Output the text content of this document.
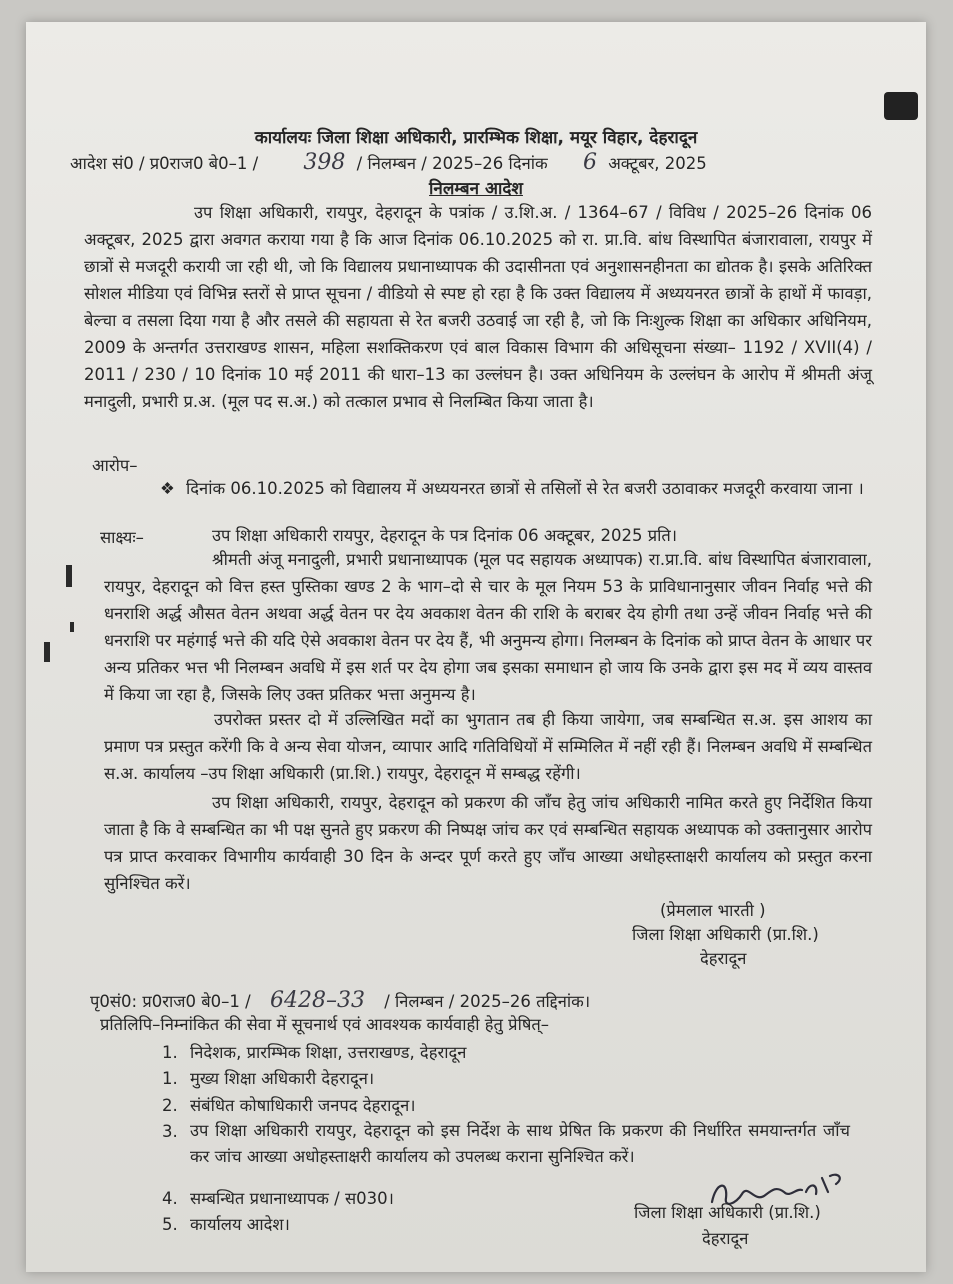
कार्यालयः जिला शिक्षा अधिकारी, प्रारम्भिक शिक्षा, मयूर विहार, देहरादून
आदेश सं0 / प्र0राज0 बे0–1 / 398 / निलम्बन / 2025–26 दिनांक 6 अक्टूबर, 2025
निलम्बन आदेश
उप शिक्षा अधिकारी, रायपुर, देहरादून के पत्रांक / उ.शि.अ. / 1364–67 / विविध / 2025–26 दिनांक 06 अक्टूबर, 2025 द्वारा अवगत कराया गया है कि आज दिनांक 06.10.2025 को रा. प्रा.वि. बांध विस्थापित बंजारावाला, रायपुर में छात्रों से मजदूरी करायी जा रही थी, जो कि विद्यालय प्रधानाध्यापक की उदासीनता एवं अनुशासनहीनता का द्योतक है। इसके अतिरिक्त सोशल मीडिया एवं विभिन्न स्तरों से प्राप्त सूचना / वीडियो से स्पष्ट हो रहा है कि उक्त विद्यालय में अध्ययनरत छात्रों के हाथों में फावड़ा, बेल्चा व तसला दिया गया है और तसले की सहायता से रेत बजरी उठवाई जा रही है, जो कि निःशुल्क शिक्षा का अधिकार अधिनियम, 2009 के अन्तर्गत उत्तराखण्ड शासन, महिला सशक्तिकरण एवं बाल विकास विभाग की अधिसूचना संख्या– 1192 / XVII(4) / 2011 / 230 / 10 दिनांक 10 मई 2011 की धारा–13 का उल्लंघन है। उक्त अधिनियम के उल्लंघन के आरोप में श्रीमती अंजू मनादुली, प्रभारी प्र.अ. (मूल पद स.अ.) को तत्काल प्रभाव से निलम्बित किया जाता है।
आरोप–
❖ दिनांक 06.10.2025 को विद्यालय में अध्ययनरत छात्रों से तसिलों से रेत बजरी उठावाकर मजदूरी करवाया जाना ।
साक्ष्यः–	उप शिक्षा अधिकारी रायपुर, देहरादून के पत्र दिनांक 06 अक्टूबर, 2025 प्रति।
श्रीमती अंजू मनादुली, प्रभारी प्रधानाध्यापक (मूल पद सहायक अध्यापक) रा.प्रा.वि. बांध विस्थापित बंजारावाला, रायपुर, देहरादून को वित्त हस्त पुस्तिका खण्ड 2 के भाग–दो से चार के मूल नियम 53 के प्राविधानानुसार जीवन निर्वाह भत्ते की धनराशि अर्द्ध औसत वेतन अथवा अर्द्ध वेतन पर देय अवकाश वेतन की राशि के बराबर देय होगी तथा उन्हें जीवन निर्वाह भत्ते की धनराशि पर महंगाई भत्ते की यदि ऐसे अवकाश वेतन पर देय हैं, भी अनुमन्य होगा। निलम्बन के दिनांक को प्राप्त वेतन के आधार पर अन्य प्रतिकर भत्त भी निलम्बन अवधि में इस शर्त पर देय होगा जब इसका समाधान हो जाय कि उनके द्वारा इस मद में व्यय वास्तव में किया जा रहा है, जिसके लिए उक्त प्रतिकर भत्ता अनुमन्य है।
उपरोक्त प्रस्तर दो में उल्लिखित मदों का भुगतान तब ही किया जायेगा, जब सम्बन्धित स.अ. इस आशय का प्रमाण पत्र प्रस्तुत करेंगी कि वे अन्य सेवा योजन, व्यापार आदि गतिविधियों में सम्मिलित में नहीं रही हैं। निलम्बन अवधि में सम्बन्धित स.अ. कार्यालय –उप शिक्षा अधिकारी (प्रा.शि.) रायपुर, देहरादून में सम्बद्ध रहेंगी।
उप शिक्षा अधिकारी, रायपुर, देहरादून को प्रकरण की जाँच हेतु जांच अधिकारी नामित करते हुए निर्देशित किया जाता है कि वे सम्बन्धित का भी पक्ष सुनते हुए प्रकरण की निष्पक्ष जांच कर एवं सम्बन्धित सहायक अध्यापक को उक्तानुसार आरोप पत्र प्राप्त करवाकर विभागीय कार्यवाही 30 दिन के अन्दर पूर्ण करते हुए जाँच आख्या अधोहस्ताक्षरी कार्यालय को प्रस्तुत करना सुनिश्चित करें।
(प्रेमलाल भारती )
जिला शिक्षा अधिकारी (प्रा.शि.)
देहरादून
पृ0सं0: प्र0राज0 बे0–1 / 6428–33 / निलम्बन / 2025–26 तद्दिनांक।
प्रतिलिपि–निम्नांकित की सेवा में सूचनार्थ एवं आवश्यक कार्यवाही हेतु प्रेषित्–
1. निदेशक, प्रारम्भिक शिक्षा, उत्तराखण्ड, देहरादून
1. मुख्य शिक्षा अधिकारी देहरादून।
2. संबंधित कोषाधिकारी जनपद देहरादून।
3. उप शिक्षा अधिकारी रायपुर, देहरादून को इस निर्देश के साथ प्रेषित कि प्रकरण की निर्धारित समयान्तर्गत जाँच कर जांच आख्या अधोहस्ताक्षरी कार्यालय को उपलब्ध कराना सुनिश्चित करें।
4. सम्बन्धित प्रधानाध्यापक / स030।
5. कार्यालय आदेश।
जिला शिक्षा अधिकारी (प्रा.शि.)
देहरादून
